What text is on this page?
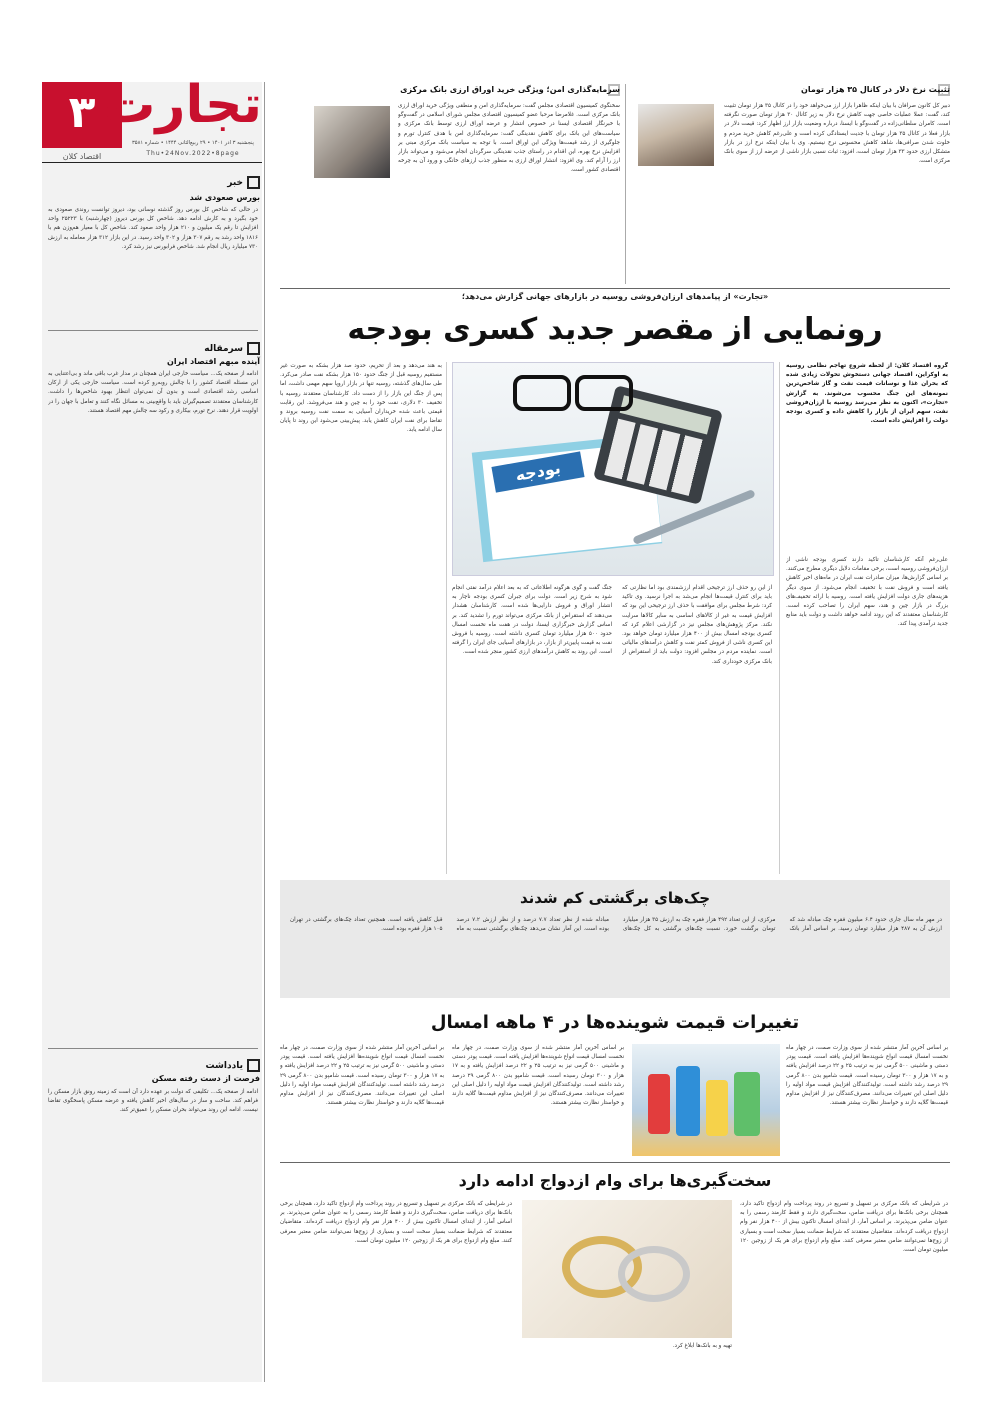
۳
اقتصاد کلان
تجارت
پنجشنبه ۳ آذر ۱۴۰۱ • ۲۹ ربیع‌الثانی ۱۴۴۴ • شماره ۳۵۸۱
Thu•24Nov.2022•8page
خبر
بورس صعودی شد
در حالی که شاخص کل بورس روز گذشته نوسانی بود، دیروز توانست روندی صعودی به خود بگیرد و به کارش ادامه دهد. شاخص کل بورس دیروز (چهارشنبه) با ۲۵۲۲۳ واحد افزایش تا رقم یک میلیون و ۲۱۰ هزار واحد صعود کند. شاخص کل با معیار هم‌وزن هم با ۱۸۱۶ واحد رشد به رقم ۳۰۷ هزار و ۳۰۲ واحد رسید. در این بازار ۳۱۲ هزار معامله به ارزش ۷۳۰ میلیارد ریال انجام شد. شاخص فرابورس نیز رشد کرد.
سرمقاله
آینده مبهم اقتصاد ایران
ادامه از صفحه یک... سیاست خارجی ایران همچنان در مدار غرب باقی ماند و بی‌اعتنایی به این مسئله اقتصاد کشور را با چالش روبه‌رو کرده است. سیاست خارجی یکی از ارکان اساسی رشد اقتصادی است و بدون آن نمی‌توان انتظار بهبود شاخص‌ها را داشت. کارشناسان معتقدند تصمیم‌گیران باید با واقع‌بینی به مسائل نگاه کنند و تعامل با جهان را در اولویت قرار دهند. نرخ تورم، بیکاری و رکود سه چالش مهم اقتصاد هستند.
یادداشت
فرصت از دست رفته مسکن
ادامه از صفحه یک... تکلیفی که دولت بر عهده دارد آن است که زمینه رونق بازار مسکن را فراهم کند. ساخت و ساز در سال‌های اخیر کاهش یافته و عرضه مسکن پاسخگوی تقاضا نیست. ادامه این روند می‌تواند بحران مسکن را عمیق‌تر کند.
سرمایه‌گذاری امن؛ ویژگی خرید اوراق ارزی بانک مرکزی
سخنگوی کمیسیون اقتصادی مجلس گفت: سرمایه‌گذاری امن و منطقی ویژگی خرید اوراق ارزی بانک مرکزی است. غلامرضا مرحبا عضو کمیسیون اقتصادی مجلس شورای اسلامی در گفت‌وگو با خبرنگار اقتصادی ایسنا در خصوص انتشار و عرضه اوراق ارزی توسط بانک مرکزی و سیاست‌های این بانک برای کاهش نقدینگی گفت: سرمایه‌گذاری امن با هدف کنترل تورم و جلوگیری از رشد قیمت‌ها ویژگی این اوراق است. با توجه به سیاست بانک مرکزی مبنی بر افزایش نرخ بهره، این اقدام در راستای جذب نقدینگی سرگردان انجام می‌شود و می‌تواند بازار ارز را آرام کند. وی افزود: انتشار اوراق ارزی به منظور جذب ارزهای خانگی و ورود آن به چرخه اقتصادی کشور است.
تثبیت نرخ دلار در کانال ۳۵ هزار تومان
دبیر کل کانون صرافان با بیان اینکه ظاهرا بازار ارز می‌خواهد خود را در کانال ۳۵ هزار تومان تثبیت کند، گفت: عملا عملیات خاصی جهت کاهش نرخ دلار به زیر کانال ۳۰ هزار تومان صورت نگرفته است. کامران سلطانی‌زاده در گفت‌وگو با ایسنا، درباره وضعیت بازار ارز اظهار کرد: قیمت دلار در بازار فعلا در کانال ۳۵ هزار تومان با جدیت ایستادگی کرده است و علی‌رغم کاهش خرید مردم و خلوت شدن صرافی‌ها، شاهد کاهش محسوس نرخ نیستیم. وی با بیان اینکه نرخ ارز در بازار متشکل ارزی حدود ۳۳ هزار تومان است، افزود: ثبات نسبی بازار ناشی از عرضه ارز از سوی بانک مرکزی است.
«تجارت» از پیامدهای ارزان‌فروشی روسیه در بازارهای جهانی گزارش می‌دهد؛
رونمایی از مقصر جدید کسری بودجه
بودجه
گروه اقتصاد کلان: از لحظه شروع تهاجم نظامی روسیه به اوکراین، اقتصاد جهانی دستخوش تحولات زیادی شده که بحران غذا و نوسانات قیمت نفت و گاز شاخص‌ترین نمونه‌های این جنگ محسوب می‌شوند. به گزارش «تجارت»، اکنون به نظر می‌رسد روسیه با ارزان‌فروشی نفت، سهم ایران از بازار را کاهش داده و کسری بودجه دولت را افزایش داده است.
علی‌رغم آنکه کارشناسان تاکید دارند کسری بودجه ناشی از ارزان‌فروشی روسیه است، برخی مقامات دلایل دیگری مطرح می‌کنند. بر اساس گزارش‌ها، میزان صادرات نفت ایران در ماه‌های اخیر کاهش یافته است و فروش نفت با تخفیف انجام می‌شود. از سوی دیگر هزینه‌های جاری دولت افزایش یافته است. روسیه با ارائه تخفیف‌های بزرگ در بازار چین و هند، سهم ایران را تصاحب کرده است. کارشناسان معتقدند که این روند ادامه خواهد داشت و دولت باید منابع جدید درآمدی پیدا کند.
از این رو حذف ارز ترجیحی اقدام ارزشمندی بود اما نظارتی که باید برای کنترل قیمت‌ها انجام می‌شد به اجرا نرسید. وی تاکید کرد: شرط مجلس برای موافقت با حذف ارز ترجیحی این بود که افزایش قیمت به غیر از کالاهای اساسی به سایر کالاها سرایت نکند. مرکز پژوهش‌های مجلس نیز در گزارشی اعلام کرد که کسری بودجه امسال بیش از ۴۰۰ هزار میلیارد تومان خواهد بود. این کسری ناشی از فروش کمتر نفت و کاهش درآمدهای مالیاتی است. نماینده مردم در مجلس افزود: دولت باید از استقراض از بانک مرکزی خودداری کند.
جنگ گفت و گوی هرگونه اطلاعاتی که به بعد اعلام درآمد نفتی انجام شود به شرح زیر است. دولت برای جبران کسری بودجه ناچار به انتشار اوراق و فروش دارایی‌ها شده است. کارشناسان هشدار می‌دهند که استقراض از بانک مرکزی می‌تواند تورم را تشدید کند. بر اساس گزارش خبرگزاری ایسنا، دولت در هفت ماه نخست امسال حدود ۵۰۰ هزار میلیارد تومان کسری داشته است. روسیه با فروش نفت به قیمت پایین‌تر از بازار، در بازارهای آسیایی جای ایران را گرفته است. این روند به کاهش درآمدهای ارزی کشور منجر شده است.
به هند می‌دهد و بعد از تحریم، حدود صد هزار بشکه به صورت غیر مستقیم روسیه قبل از جنگ حدود ۱۵۰ هزار بشکه نفت صادر می‌کرد. طی سال‌های گذشته، روسیه تنها در بازار اروپا سهم مهمی داشت، اما پس از جنگ این بازار را از دست داد. کارشناسان معتقدند روسیه با تخفیف ۳۰ دلاری، نفت خود را به چین و هند می‌فروشد. این رقابت قیمتی باعث شده خریداران آسیایی به سمت نفت روسیه بروند و تقاضا برای نفت ایران کاهش یابد. پیش‌بینی می‌شود این روند تا پایان سال ادامه یابد.
چک‌های برگشتی کم شدند
در مهر ماه سال جاری حدود ۶.۴ میلیون فقره چک مبادله شد که ارزش آن به ۴۸۷ هزار میلیارد تومان رسید. بر اساس آمار بانک مرکزی، از این تعداد ۴۹۲ هزار فقره چک به ارزش ۳۵ هزار میلیارد تومان برگشت خورد. نسبت چک‌های برگشتی به کل چک‌های مبادله شده از نظر تعداد ۷.۷ درصد و از نظر ارزش ۷.۲ درصد بوده است. این آمار نشان می‌دهد چک‌های برگشتی نسبت به ماه قبل کاهش یافته است. همچنین تعداد چک‌های برگشتی در تهران ۱۰۵ هزار فقره بوده است.
تغییرات قیمت شوینده‌ها در ۴ ماهه امسال
بر اساس آخرین آمار منتشر شده از سوی وزارت صمت، در چهار ماه نخست امسال قیمت انواع شوینده‌ها افزایش یافته است. قیمت پودر دستی و ماشینی ۵۰۰ گرمی نیز به ترتیب ۲۵ و ۲۲ درصد افزایش یافته و به ۱۷ هزار و ۳۰۰ تومان رسیده است. قیمت شامپو بدن ۸۰۰ گرمی ۲۹ درصد رشد داشته است. تولیدکنندگان افزایش قیمت مواد اولیه را دلیل اصلی این تغییرات می‌دانند. مصرف‌کنندگان نیز از افزایش مداوم قیمت‌ها گلایه دارند و خواستار نظارت بیشتر هستند.
بر اساس آخرین آمار منتشر شده از سوی وزارت صمت، در چهار ماه نخست امسال قیمت انواع شوینده‌ها افزایش یافته است. قیمت پودر دستی و ماشینی ۵۰۰ گرمی نیز به ترتیب ۲۵ و ۲۲ درصد افزایش یافته و به ۱۷ هزار و ۳۰۰ تومان رسیده است. قیمت شامپو بدن ۸۰۰ گرمی ۲۹ درصد رشد داشته است. تولیدکنندگان افزایش قیمت مواد اولیه را دلیل اصلی این تغییرات می‌دانند. مصرف‌کنندگان نیز از افزایش مداوم قیمت‌ها گلایه دارند و خواستار نظارت بیشتر هستند.
بر اساس آخرین آمار منتشر شده از سوی وزارت صمت، در چهار ماه نخست امسال قیمت انواع شوینده‌ها افزایش یافته است. قیمت پودر دستی و ماشینی ۵۰۰ گرمی نیز به ترتیب ۲۵ و ۲۲ درصد افزایش یافته و به ۱۷ هزار و ۳۰۰ تومان رسیده است. قیمت شامپو بدن ۸۰۰ گرمی ۲۹ درصد رشد داشته است. تولیدکنندگان افزایش قیمت مواد اولیه را دلیل اصلی این تغییرات می‌دانند. مصرف‌کنندگان نیز از افزایش مداوم قیمت‌ها گلایه دارند و خواستار نظارت بیشتر هستند.
سخت‌گیری‌ها برای وام ازدواج ادامه دارد
در شرایطی که بانک مرکزی بر تسهیل و تسریع در روند پرداخت وام ازدواج تاکید دارد، همچنان برخی بانک‌ها برای دریافت ضامن، سخت‌گیری دارند و فقط کارمند رسمی را به عنوان ضامن می‌پذیرند. بر اساس آمار، از ابتدای امسال تاکنون بیش از ۴۰۰ هزار نفر وام ازدواج دریافت کرده‌اند. متقاضیان معتقدند که شرایط ضمانت بسیار سخت است و بسیاری از زوج‌ها نمی‌توانند ضامن معتبر معرفی کنند. مبلغ وام ازدواج برای هر یک از زوجین ۱۲۰ میلیون تومان است.
تهیه و به بانک‌ها ابلاغ کرد.
در شرایطی که بانک مرکزی بر تسهیل و تسریع در روند پرداخت وام ازدواج تاکید دارد، همچنان برخی بانک‌ها برای دریافت ضامن، سخت‌گیری دارند و فقط کارمند رسمی را به عنوان ضامن می‌پذیرند. بر اساس آمار، از ابتدای امسال تاکنون بیش از ۴۰۰ هزار نفر وام ازدواج دریافت کرده‌اند. متقاضیان معتقدند که شرایط ضمانت بسیار سخت است و بسیاری از زوج‌ها نمی‌توانند ضامن معتبر معرفی کنند. مبلغ وام ازدواج برای هر یک از زوجین ۱۲۰ میلیون تومان است.
